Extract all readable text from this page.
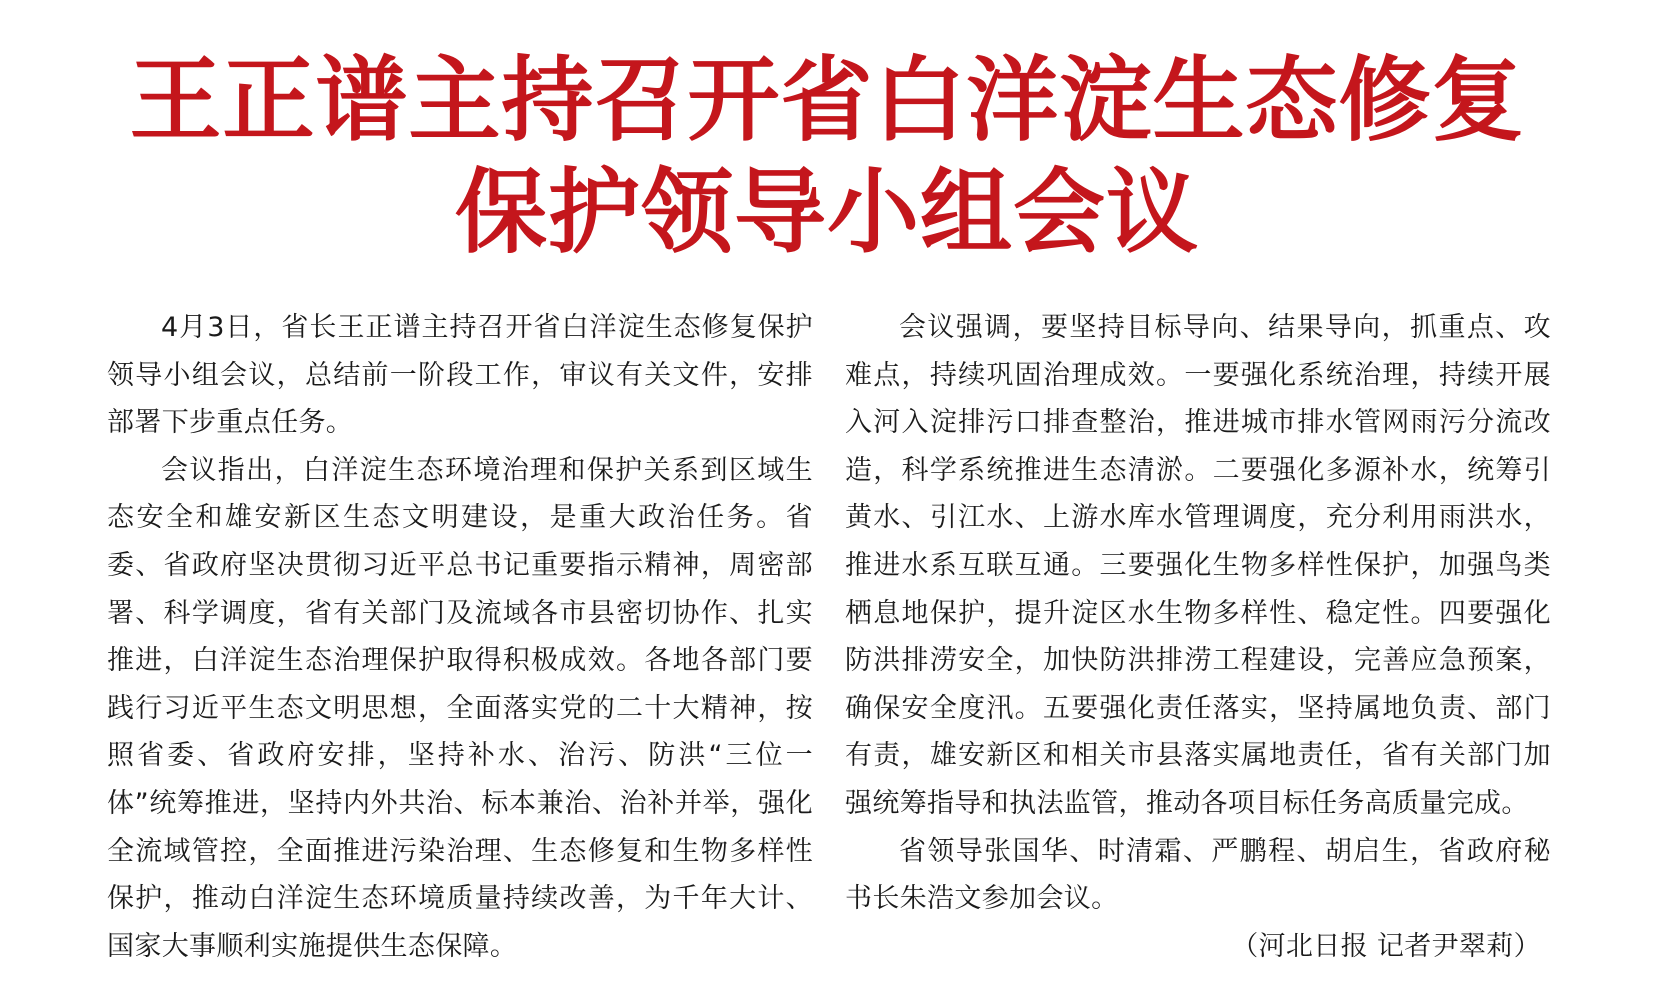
王正谱主持召开省白洋淀生态修复
保护领导小组会议

4月3日，省长王正谱主持召开省白洋淀生态修复保护领导小组会议，总结前一阶段工作，审议有关文件，安排部署下步重点任务。

会议指出，白洋淀生态环境治理和保护关系到区域生态安全和雄安新区生态文明建设，是重大政治任务。省委、省政府坚决贯彻习近平总书记重要指示精神，周密部署、科学调度，省有关部门及流域各市县密切协作、扎实推进，白洋淀生态治理保护取得积极成效。各地各部门要践行习近平生态文明思想，全面落实党的二十大精神，按照省委、省政府安排，坚持补水、治污、防洪“三位一体”统筹推进，坚持内外共治、标本兼治、治补并举，强化全流域管控，全面推进污染治理、生态修复和生物多样性保护，推动白洋淀生态环境质量持续改善，为千年大计、国家大事顺利实施提供生态保障。

会议强调，要坚持目标导向、结果导向，抓重点、攻难点，持续巩固治理成效。一要强化系统治理，持续开展入河入淀排污口排查整治，推进城市排水管网雨污分流改造，科学系统推进生态清淤。二要强化多源补水，统筹引黄水、引江水、上游水库水管理调度，充分利用雨洪水，推进水系互联互通。三要强化生物多样性保护，加强鸟类栖息地保护，提升淀区水生物多样性、稳定性。四要强化防洪排涝安全，加快防洪排涝工程建设，完善应急预案，确保安全度汛。五要强化责任落实，坚持属地负责、部门有责，雄安新区和相关市县落实属地责任，省有关部门加强统筹指导和执法监管，推动各项目标任务高质量完成。

省领导张国华、时清霜、严鹏程、胡启生，省政府秘书长朱浩文参加会议。

（河北日报 记者尹翠莉）
